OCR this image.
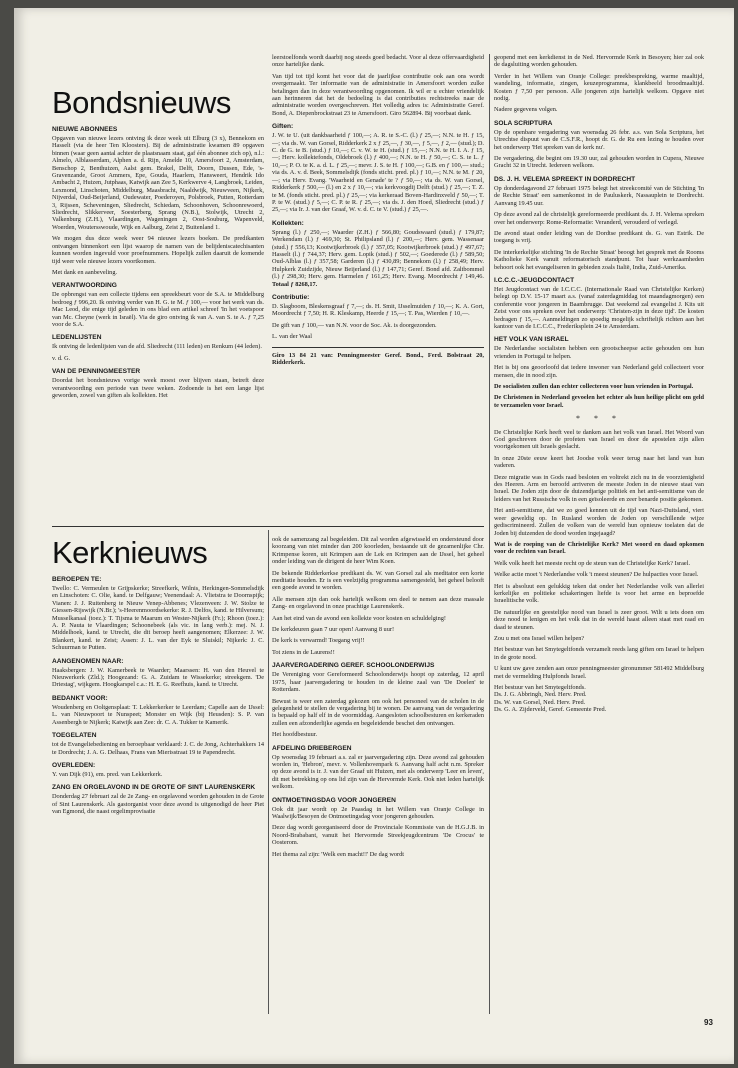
Bondsnieuws
NIEUWE ABONNEES

Opgaven van nieuwe lezers ontving ik deze week uit Elburg (3 x), Bennekom en Hasselt (via de heer Ten Kloosters). Bij de administratie kwamen 89 opgaven binnen (waar geen aantal achter de plaatsnaam staat, gaf één abonnee zich op), n.l.: Almelo, Alblasserdam, Alphen a. d. Rijn, Amelde 10, Amersfoort 2, Amsterdam, Benschop 2, Benthuizen, Aalst gem. Brakel, Delft, Doorn, Dussen, Ede, 's-Gravenzande, Groot Ammers, Epe, Gouda, Haarlem, Hansweert, Hendrik Ido Ambacht 2, Huizen, Jutphaas, Katwijk aan Zee 5, Kerkwerve 4, Langbroek, Leiden, Lexmond, Linschoten, Middelburg, Maasbracht, Naaldwijk, Nieuwveen, Nijkerk, Nijverdal, Oud-Beijerland, Oudewater, Poederoyen, Polsbroek, Putten, Rotterdam 3, Rijssen, Scheveningen, Sliedrecht, Schiedam, Schoonhoven, Schoonrewoerd, Sliedrecht, Slikkerveer, Soesterberg, Sprang (N.B.), Stolwijk, Utrecht 2, Valkenburg (Z.H.), Vlaardingen, Wageningen 2, Oost-Souburg, Wapenveld, Woerden, Woutersswoude, Wijk en Aalburg, Zeist 2, Buitenland 1.

We mogen dus deze week weer 94 nieuwe lezers boeken. De predikanten ontvangen binnenkort een lijst waarop de namen van de belijdeniscatechisanten kunnen worden ingevuld voor proefnummers. Hopelijk zullen daaruit de komende tijd weer vele nieuwe lezers voortkomen.

Met dank en aanbeveling.

VERANTWOORDING

De opbrengst van een collecte tijdens een spreekbeurt voor de S.A. te Middelburg bedroeg ƒ 996,20. Ik ontving verder van H. G. te M. ƒ 100,— voor het werk van ds. Mac Leod, die enige tijd geleden in ons blad een artikel schreef 'In het voetspoor van Mc. Cheyne (werk in Israël). Via de giro ontving ik van A. van S. te A. ƒ 7,25 voor de S.A.

LEDENLIJSTEN

Ik ontving de ledenlijsten van de afd. Sliedrecht (111 leden) en Renkum (44 leden).

v. d. G.

VAN DE PENNINGMEESTER

Doordat het bondsnieuws vorige week moest over blijven staan, betreft deze verantwoording een periode van twee weken. Zodoende is het een lange lijst geworden, zowel van giften als kollekten. Het

leerstoelfonds wordt daarbij nog steeds goed bedacht. Voor al deze offervaardigheid onze hartelijke dank.

Van tijd tot tijd komt het voor dat de jaarlijkse contributie ook aan ons wordt overgemaakt. Ter informatie van de administratie in Amersfoort worden zulke betalingen dan in deze verantwoording opgenomen. Ik wil er u echter vriendelijk aan herinneren dat het de bedoeling is dat contributies rechtstreeks naar de administratie worden overgeschreven. Het volledig adres is: Administratie Geref. Bond, A. Diepenbrockstraat 23 te Amersfoort. Giro 562894. Bij voorbaat dank.

Giften:

J. W. te U. (uit dankbaarheid ƒ 100,—; A. R. te S.-C. (l.) ƒ 25,—; N.N. te H. ƒ 15,—; via ds. W. van Gorsel, Ridderkerk 2 x ƒ 25,—, ƒ 30,—, ƒ 5,—, ƒ 2,— (stud.); D. C. de G. te B. (stud.) ƒ 10,—; C. v. W. te H. (stud.) ƒ 15,—; N.N. te H. I. A. ƒ 15,—; Herv. kollektefonds, Oldebroek (l.) ƒ 400,—; N.N. te H. ƒ 50,—; C. S. te L. ƒ 10,—; P. O. te K. a. d. L. ƒ 25,—; mevr. J. S. te H. ƒ 100,—; G.B. en ƒ 100,— stud.; via ds. A. v. d. Beek, Sommelsdijk (fonds sticht. pred. pl.) ƒ 10,—; N.N. te M. ƒ 20,—; via Herv. Evang. 'Waarheid en Genade' te ? ƒ 50,—; via ds. W. van Gorsel, Ridderkerk ƒ 500,— (l.) en 2 x ƒ 10,—; via kerkvoogdij Delft (stud.) ƒ 25,—; T. Z. te M. (fonds sticht. pred. pl.) ƒ 25,—; via kerkeraad Boven-Hardinxveld ƒ 50,—; T. P. te W. (stud.) ƒ 5,—; C. P. te R. ƒ 25,—; via ds. J. den Hoed, Sliedrecht (stud.) ƒ 25,—; via Ir. J. van der Graaf, W. v. d. C. te V. (stud.) ƒ 25,—.

Kollekten:

Sprang (l.) ƒ 250,—; Waarder (Z.H.) ƒ 566,80; Goudswaard (stud.) ƒ 179,87; Werkendam (l.) ƒ 469,30; St. Philipsland (l.) ƒ 200,—; Herv. gem. Wassenaar (stud.) ƒ 556,13; Kootwijkerbroek (l.) ƒ 357,05; Kootwijkerbroek (stud.) ƒ 497,67; Hasselt (l.) ƒ 744,37; Herv. gem. Lopik (stud.) ƒ 502,—; Goederede (l.) ƒ 589,50; Oud-Alblas (l.) ƒ 357,58; Garderen (l.) ƒ 430,89; Bennekom (l.) ƒ 258,49; Herv. Hulpkerk Zuidzijde, Nieuw Beijerland (l.) ƒ 147,71; Geref. Bond afd. Zaltbommel (l.) ƒ 298,30; Herv. gem. Harmelen ƒ 161,25; Herv. Evang. Moordrecht ƒ 149,46. Totaal ƒ 8268,17.

Contributie:

D. Slagboom, Bleskensgraaf ƒ 7,—; ds. H. Smit, IJsselmuiden ƒ 10,—; K. A. Gort, Moordrecht ƒ 7,50; H. R. Kleskamp, Heerde ƒ 15,—; T. Pas, Wierden ƒ 10,—.

De gift van ƒ 100,— van N.N. voor de Soc. Ak. is doorgezonden.

L. van der Waal

Giro 13 84 21 van: Penningmeester Geref. Bond., Ferd. Bolstraat 20, Ridderkerk.

Kerknieuws
BEROEPEN TE:

Twello: C. Vermeulen te Grijpskerke; Streefkerk, Wilnis, Herkingen-Sommelsdijk en Linschoten: C. Olie, kand. te Delfgauw; Veenendaal: A. Vlietstra te Doornspijk; Vianen: J. J. Ruitenberg te Nieuw Venep-Abbenes; Vlezenveen: J. W. Stolze te Giessen-Rijswijk (N.Br.); 's-Heerenmoordsekerke: R. J. Delfos, kand. te Hilversum; Musselkanaal (toez.): T. Tijsma te Maarum en Wester-Nijkerk (Fr.); Rhoon (toez.): A. P. Nauta te Vlaardingen; Schoonebeek (als vic. in lang verb.): mej. N. J. Middelhoek, kand. te Utrecht, die dit beroep heeft aangenomen; Elkerzee: J. W. Blankert, kand. te Zeist; Assen: J. L. van der Eyk te Sluiskil; Nijkerk: J. C. Schuurman te Putten.

AANGENOMEN NAAR:

Haaksbergen: J. W. Kamerbeek te Waarder; Maarssen: H. van den Heuvel te Nieuwerkerk (Zld.); Hoogezand: G. A. Zuidam te Wissekerke; streekgem. 'De Driestag', wijkgem. Hoogkarspel c.a.: H. E. G. Reefhuis, kand. te Utrecht.

BEDANKT VOOR:

Woudenberg en Ooltgensplaat: T. Lekkerkerker te Leerdam; Capelle aan de IJssel: L. van Nieuwpoort te Nunspeet; Monster en Wijk (bij Heusden): S. P. van Assenbergh te Nijkerk; Katwijk aan Zee: dr. C. A. Tukker te Kamerik.

TOEGELATEN

tot de Evangeliebediening en beroepbaar verklaard: J. C. de Jong, Achterhakkers 14 te Dordrecht; J. A. G. Delhaas, Frans van Mierisstraat 19 te Papendrecht.

OVERLEDEN:

Y. van Dijk (91), em. pred. van Lekkerkerk.

ZANG EN ORGELAVOND IN DE GROTE OF SINT LAURENSKERK

Donderdag 27 februari zal de 2e Zang- en orgelavond worden gehouden in de Grote of Sint Laurenskerk. Als gastorganist voor deze avond is uitgenodigd de heer Piet van Egmond, die naast orgelimprovisatie

ook de samenzang zal begeleiden. Dit zal worden afgewisseld en ondersteund door koorzang van niet minder dan 200 koorleden, bestaande uit de gezamenlijke Chr. Krimpense koren, uit Krimpen aan de Lek en Krimpen aan de IJssel, het geheel onder leiding van de dirigent de heer Wim Koen.

De bekende Ridderkerkse predikant ds. W. van Gorsel zal als meditator een korte meditatie houden. Er is een veelzijdig programma samengesteld, het geheel belooft een goede avond te worden.

Alle mensen zijn dan ook hartelijk welkom om deel te nemen aan deze massale Zang- en orgelavond in onze prachtige Laurenskerk.

Aan het eind van de avond een kollekte voor kosten en schuldelging!

De kerkdeuren gaan 7 uur open! Aanvang 8 uur!

De kerk is verwarmd! Toegang vrij!!

Tot ziens in de Laurens!!

JAARVERGADERING GEREF. SCHOOLONDERWIJS

De Vereniging voor Gereformeerd Schoolonderwijs hoopt op zaterdag, 12 april 1975, haar jaarvergadering te houden in de kleine zaal van 'De Doelen' te Rotterdam.

Bewust is weer een zaterdag gekozen om ook het personeel van de scholen in de gelegenheid te stellen de vergadering bij te wonen. De aanvang van de vergadering is bepaald op half elf in de voormiddag. Aangesloten schoolbesturen en kerkeraden zullen een afzonderlijke agenda en begeleidende beschei den ontvangen.

Het hoofdbestuur.

AFDELING DRIEBERGEN

Op woensdag 19 februari a.s. zal er jaarvergadering zijn. Deze avond zal gehouden worden in, 'Hebron', mevr. v. Vollenhovenpark 6. Aanvang half acht n.m. Spreker op deze avond is ir. J. van der Graaf uit Huizen, met als onderwerp 'Leer en leven', dit met betrekking op ons lid zijn van de Hervormde Kerk. Ook niet leden hartelijk welkom.

ONTMOETINGSDAG VOOR JONGEREN

Ook dit jaar wordt op 2e Paasdag in het Willem van Oranje College in Waalwijk/Besoyen de Ontmoetingsdag voor jongeren gehouden.

Deze dag wordt georganiseerd door de Provinciale Kommissie van de H.G.J.B. in Noord-Brababant, vanuit het Hervormde Streekjeugdcentrum 'De Crocus' te Oosterom.

Het thema zal zijn: 'Welk een macht!!' De dag wordt

geopend met een kerkdienst in de Ned. Hervormde Kerk in Besoyen; hier zal ook de dagsluiting worden gehouden.

Verder in het Willem van Oranje College: preekbespreking, warme maaltijd, wandeling, informatie, zingen, keuzeprogramma, klankbeeld broodmaaltijd. Kosten ƒ 7,50 per persoon. Alle jongeren zijn hartelijk welkom. Opgave niet nodig.

Nadere gegevens volgen.

SOLA SCRIPTURA

Op de openbare vergadering van woensdag 26 febr. a.s. van Sola Scriptura, het Utrechtse dispuut van de C.S.F.R., hoopt dr. G. de Ru een lezing te houden over het onderwerp 'Het spreken van de kerk nu'.

De vergadering, die begint om 19.30 uur, zal gehouden worden in Cupera, Nieuwe Gracht 32 in Utrecht. Iedereen welkom.

DS. J. H. VELEMA SPREEKT IN DORDRECHT

Op donderdagavond 27 februari 1975 belegt het streekcomité van de Stichting 'In de Rechte Straat' een samenkomst in de Pauluskerk, Nassauplein te Dordrecht. Aanvang 19.45 uur.

Op deze avond zal de christelijk gereformeerde predikant ds. J. H. Velema spreken over het onderwerp: Rome-Reformatie: Veranderd, verouderd of verlegd.

De avond staat onder leiding van de Dordtse predikant ds. G. van Estrik. De toegang is vrij.

De interkerkelijke stichting 'In de Rechte Straat' beoogt het gesprek met de Rooms Katholieke Kerk vanuit reformatorisch standpunt. Tot haar werkzaamheden behoort ook het evangeliseren in gebieden zoals Italië, India, Zuid-Amerika.

I.C.C.C.-JEUGDCONTACT

Het Jeugdcontact van de I.C.C.C. (Internationale Raad van Christelijke Kerken) belegt op D.V. 15-17 maart a.s. (vanaf zaterdagmiddag tot maandagmorgen) een conferentie voor jongeren in Baambrugge. Dat weekend zal evangelist J. Kits uit Zeist voor ons spreken over het onderwerp: 'Christen-zijn in deze tijd'. De kosten bedragen ƒ 15,—. Aanmeldingen zo spoedig mogelijk schriftelijk richten aan het kantoor van de I.C.C.C., Frederiksplein 24 te Amsterdam.

HET VOLK VAN ISRAEL

De Nederlandse socialisten hebben een grootscheepse actie gehouden om hun vrienden in Portugal te helpen.

Het is bij ons geoorloofd dat iedere inwoner van Nederland geld collecteert voor mensen, die in nood zijn.

De socialisten zullen dan echter collecteren voor hun vrienden in Portugal.

De Christenen in Nederland gevoelen het echter als hun heilige plicht om geld te verzamelen voor Israel.

* * *

De Christelijke Kerk heeft veel te danken aan het volk van Israel. Het Woord van God geschreven door de profeten van Israel en door de apostelen zijn allen voortgekomen uit Israels geslacht.

In onze 20ste eeuw keert het Joodse volk weer terug naar het land van hun vaderen.

Deze migratie was in Gods raad besloten en voltrekt zich nu in de voorzienigheid des Heeren. Arm en beroofd arriveren de meeste Joden in de nieuwe staat van Israel. De Joden zijn door de duizendjarige politiek en het anti-semitisme van de leiders van het Russische volk in een geïsoleerde en zeer benarde positie gekomen.

Het anti-semitisme, dat we zo goed kennen uit de tijd van Nazi-Duitsland, viert weer geweldig op. In Rusland worden de Joden op verschillende wijze gediscrimineerd. Zullen de volken van de wereld hun opnieuw toelaten dat de Joden bij duizenden de dood worden ingejaagd?

Wat is de roeping van de Christelijke Kerk? Met woord en daad opkomen voor de rechten van Israel.

Welk volk heeft het meeste recht op de steun van de Christelijke Kerk? Israel.

Welke actie moet 't Nederlandse volk 't meest steunen? De hulpacties voor Israel.

Het is absoluut een gelukkig teken dat onder het Nederlandse volk van allerlei kerkelijke en politieke schakeringen liefde is voor het arme en beproefde Israelitische volk.

De natuurlijke en geestelijke nood van Israel is zeer groot. Wilt u iets doen om deze nood te lenigen en het volk dat in de wereld haast alleen staat met raad en daad te steunen.

Zou u met ons Israel willen helpen?

Het bestuur van het Smytegeltfonds verzamelt reeds lang giften om Israel te helpen in de grote nood.

U kunt uw gave zenden aan onze penningmeester gironummer 581492 Middelburg met de vermelding Hulpfonds Israel.

Het bestuur van het Smytegeltfonds.

Ds. J. G. Abbringh, Ned. Herv. Pred.

Ds. W. van Gorsel, Ned. Herv. Pred.

Ds. G. A. Zijderveld, Geref. Gemeente Pred.

93
